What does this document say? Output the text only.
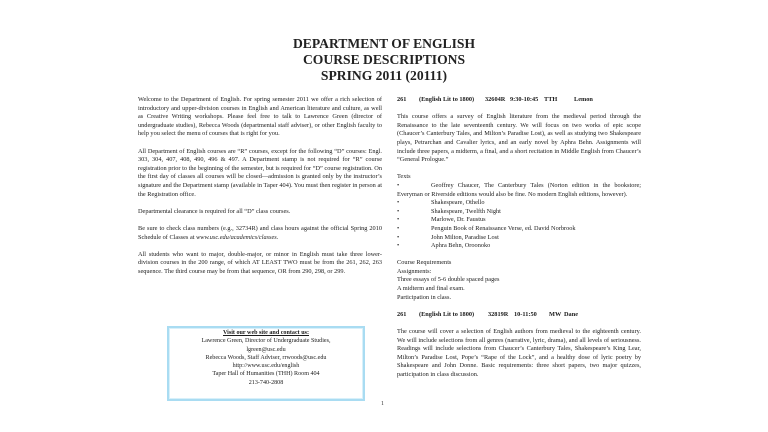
DEPARTMENT OF ENGLISH
COURSE DESCRIPTIONS
SPRING 2011 (20111)

Welcome to the Department of English. For spring semester 2011 we offer a rich selection of introductory and upper-division courses in English and American literature and culture, as well as Creative Writing workshops. Please feel free to talk to Lawrence Green (director of undergraduate studies), Rebecca Woods (departmental staff adviser), or other English faculty to help you select the menu of courses that is right for you.

All Department of English courses are “R” courses, except for the following “D” courses: Engl. 303, 304, 407, 408, 490, 496 & 497. A Department stamp is not required for “R” course registration prior to the beginning of the semester, but is required for “D” course registration. On the first day of classes all courses will be closed—admission is granted only by the instructor’s signature and the Department stamp (available in Taper 404). You must then register in person at the Registration office.

Departmental clearance is required for all “D” class courses.

Be sure to check class numbers (e.g., 32734R) and class hours against the official Spring 2010 Schedule of Classes at www.usc.edu/academics/classes.

All students who want to major, double-major, or minor in English must take three lower-division courses in the 200 range, of which AT LEAST TWO must be from the 261, 262, 263 sequence. The third course may be from that sequence, OR from 290, 298, or 299.

Visit our web site and contact us:
Lawrence Green, Director of Undergraduate Studies,
lgreen@usc.edu
Rebecca Woods, Staff Adviser, rrwoods@usc.edu
http://www.usc.edu/english
Taper Hall of Humanities (THH) Room 404
213-740-2808
261	(English Lit to 1800)	32604R 9:30-10:45 TTH	Lemon

This course offers a survey of English literature from the medieval period through the Renaissance to the late seventeenth century. We will focus on two works of epic scope (Chaucer’s Canterbury Tales, and Milton’s Paradise Lost), as well as studying two Shakespeare plays, Petrarchan and Cavalier lyrics, and an early novel by Aphra Behn. Assignments will include three papers, a midterm, a final, and a short recitation in Middle English from Chaucer’s “General Prologue.”

Texts
•	Geoffrey Chaucer, The Canterbury Tales (Norton edition in the bookstore; Everyman or Riverside editions would also be fine. No modern English editions, however).
•	Shakespeare, Othello
•	Shakespeare, Twelfth Night
•	Marlowe, Dr. Faustus
•	Penguin Book of Renaissance Verse, ed. David Norbrook
•	John Milton, Paradise Lost
•	Aphra Behn, Oroonoko
Course Requirements
Assignments:
Three essays of 5-6 double spaced pages
A midterm and final exam.
Participation in class.
261	(English Lit to 1800)	32819R 10-11:50	MW Dane

The course will cover a selection of English authors from medieval to the eighteenth century. We will include selections from all genres (narrative, lyric, drama), and all levels of seriousness. Readings will include selections from Chaucer’s Canterbury Tales, Shakespeare’s King Lear, Milton’s Paradise Lost, Pope’s “Rape of the Lock”, and a healthy dose of lyric poetry by Shakespeare and John Donne. Basic requirements: three short papers, two major quizzes, participation in class discussion.

1
